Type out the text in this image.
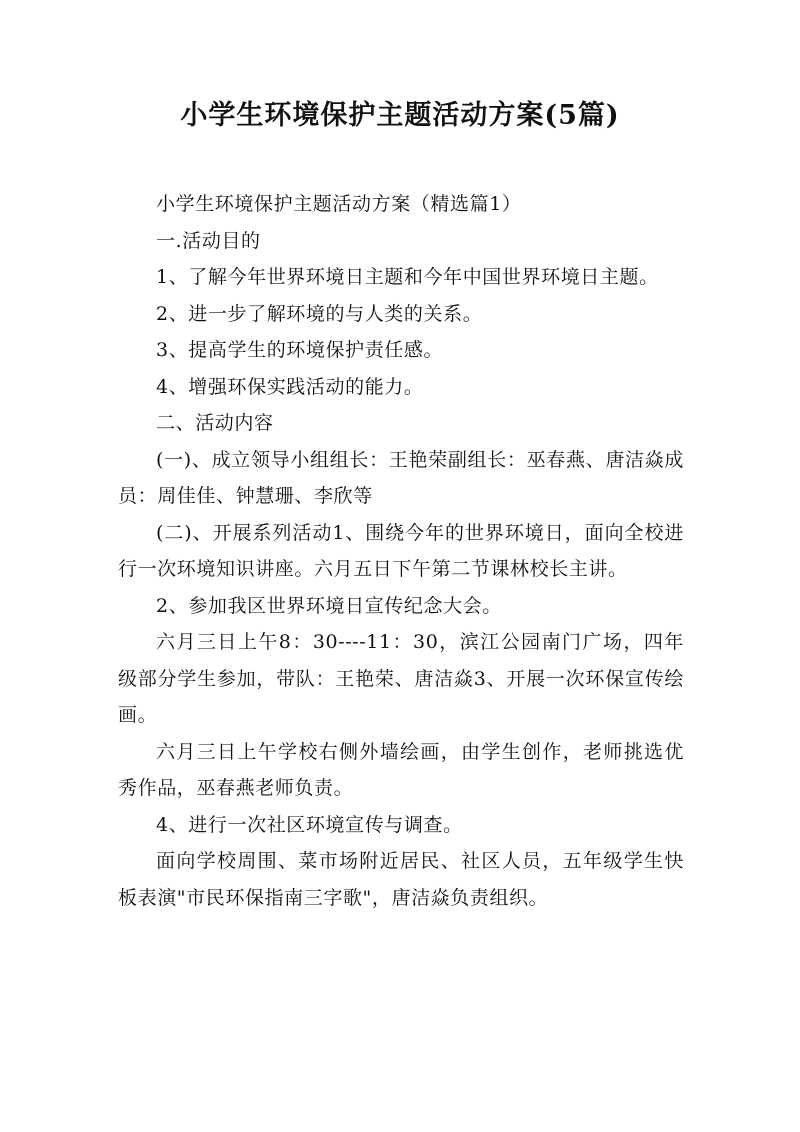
小学生环境保护主题活动方案(5篇)

小学生环境保护主题活动方案（精选篇1）

一.活动目的

1、了解今年世界环境日主题和今年中国世界环境日主题。

2、进一步了解环境的与人类的关系。

3、提高学生的环境保护责任感。

4、增强环保实践活动的能力。

二、活动内容

(一)、成立领导小组组长：王艳荣副组长：巫春燕、唐洁焱成员：周佳佳、钟慧珊、李欣等

(二)、开展系列活动1、围绕今年的世界环境日，面向全校进行一次环境知识讲座。六月五日下午第二节课林校长主讲。

2、参加我区世界环境日宣传纪念大会。

六月三日上午8：30----11：30，滨江公园南门广场，四年级部分学生参加，带队：王艳荣、唐洁焱3、开展一次环保宣传绘画。

六月三日上午学校右侧外墙绘画，由学生创作，老师挑选优秀作品，巫春燕老师负责。

4、进行一次社区环境宣传与调查。

面向学校周围、菜市场附近居民、社区人员，五年级学生快板表演"市民环保指南三字歌"，唐洁焱负责组织。
